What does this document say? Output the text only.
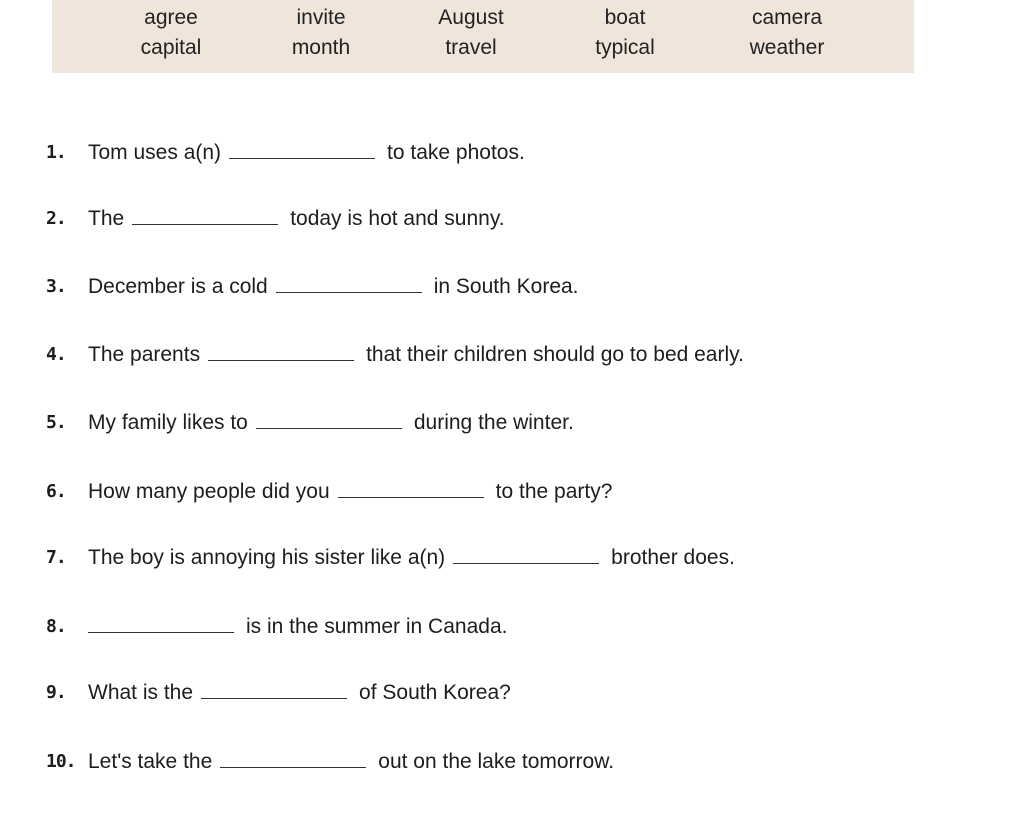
agree	invite	August	boat	camera
capital	month	travel	typical	weather
1. Tom uses a(n)	to take photos.
2. The	today is hot and sunny.
3. December is a cold	in South Korea.
4. The parents	that their children should go to bed early.
5. My family likes to	during the winter.
6. How many people did you	to the party?
7. The boy is annoying his sister like a(n)	brother does.
8.	is in the summer in Canada.
9. What is the	of South Korea?
10. Let's take the	out on the lake tomorrow.
